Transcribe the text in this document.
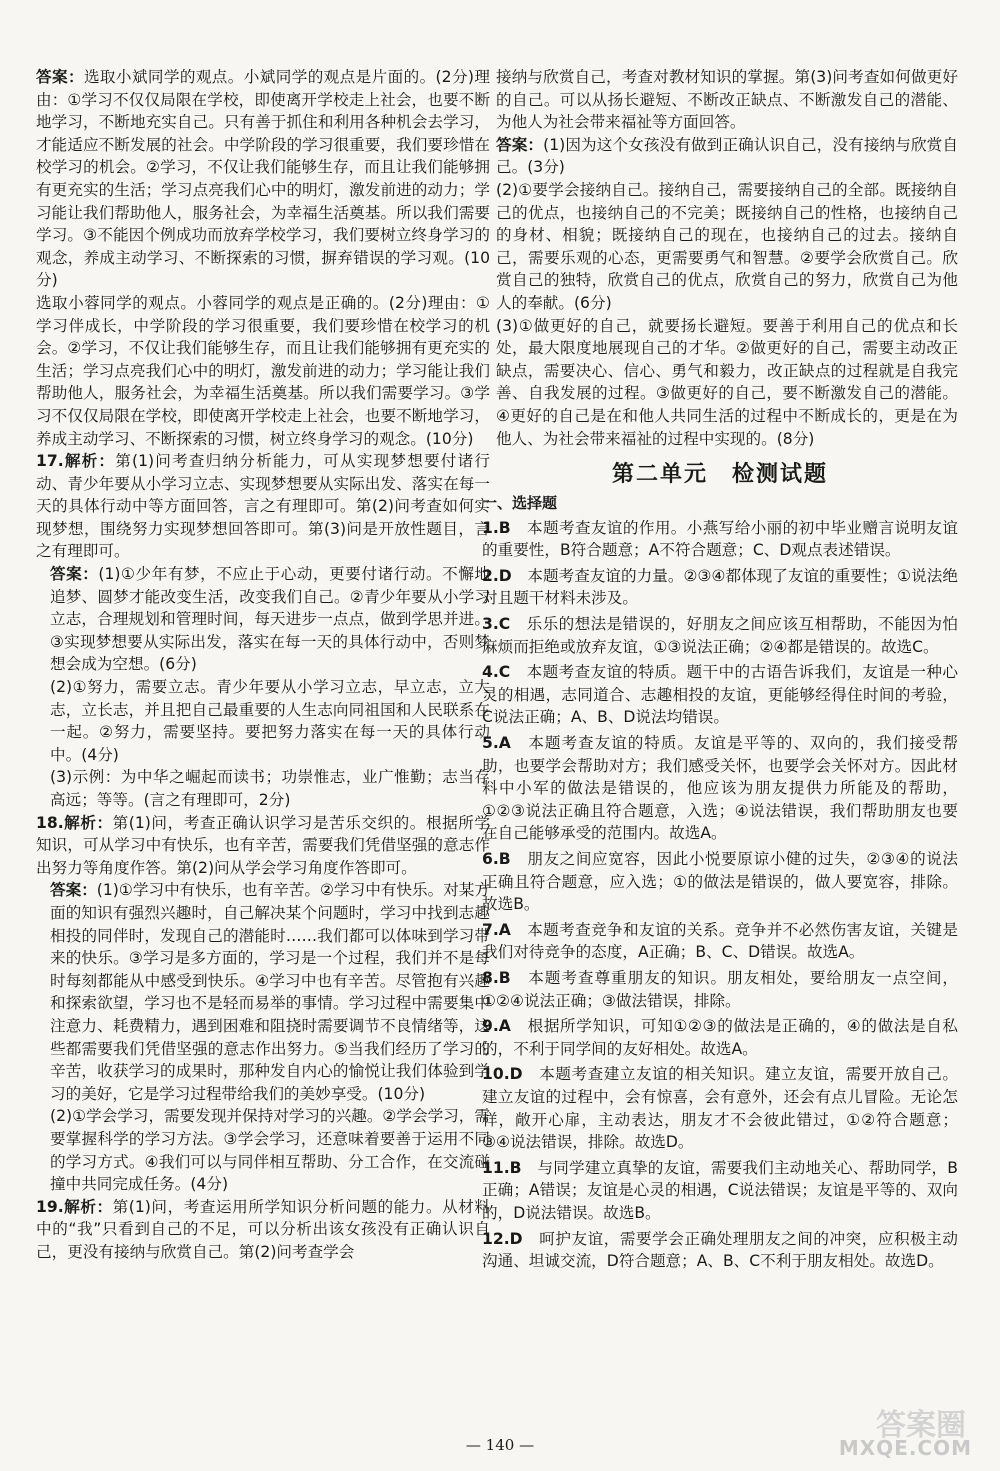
答案：选取小斌同学的观点。小斌同学的观点是片面的。(2分)理由：①学习不仅仅局限在学校，即使离开学校走上社会，也要不断地学习，不断地充实自己。只有善于抓住和利用各种机会去学习，才能适应不断发展的社会。中学阶段的学习很重要，我们要珍惜在校学习的机会。②学习，不仅让我们能够生存，而且让我们能够拥有更充实的生活；学习点亮我们心中的明灯，激发前进的动力；学习能让我们帮助他人，服务社会，为幸福生活奠基。所以我们需要学习。③不能因个例成功而放弃学校学习，我们要树立终身学习的观念，养成主动学习、不断探索的习惯，摒弃错误的学习观。(10分)

选取小蓉同学的观点。小蓉同学的观点是正确的。(2分)理由：①学习伴成长，中学阶段的学习很重要，我们要珍惜在校学习的机会。②学习，不仅让我们能够生存，而且让我们能够拥有更充实的生活；学习点亮我们心中的明灯，激发前进的动力；学习能让我们帮助他人，服务社会，为幸福生活奠基。所以我们需要学习。③学习不仅仅局限在学校，即使离开学校走上社会，也要不断地学习，养成主动学习、不断探索的习惯，树立终身学习的观念。(10分)

17.解析：第(1)问考查归纳分析能力，可从实现梦想要付诸行动、青少年要从小学习立志、实现梦想要从实际出发、落实在每一天的具体行动中等方面回答，言之有理即可。第(2)问考查如何实现梦想，围绕努力实现梦想回答即可。第(3)问是开放性题目，言之有理即可。

答案：(1)①少年有梦，不应止于心动，更要付诸行动。不懈地追梦、圆梦才能改变生活，改变我们自己。②青少年要从小学习立志，合理规划和管理时间，每天进步一点点，做到学思并进。③实现梦想要从实际出发，落实在每一天的具体行动中，否则梦想会成为空想。(6分)

(2)①努力，需要立志。青少年要从小学习立志，早立志，立大志，立长志，并且把自己最重要的人生志向同祖国和人民联系在一起。②努力，需要坚持。要把努力落实在每一天的具体行动中。(4分)

(3)示例：为中华之崛起而读书；功崇惟志，业广惟勤；志当存高远；等等。(言之有理即可，2分)

18.解析：第(1)问，考查正确认识学习是苦乐交织的。根据所学知识，可从学习中有快乐，也有辛苦，需要我们凭借坚强的意志作出努力等角度作答。第(2)问从学会学习角度作答即可。

答案：(1)①学习中有快乐，也有辛苦。②学习中有快乐。对某方面的知识有强烈兴趣时，自己解决某个问题时，学习中找到志趣相投的同伴时，发现自己的潜能时……我们都可以体味到学习带来的快乐。③学习是多方面的，学习是一个过程，我们并不是每时每刻都能从中感受到快乐。④学习中也有辛苦。尽管抱有兴趣和探索欲望，学习也不是轻而易举的事情。学习过程中需要集中注意力、耗费精力，遇到困难和阻挠时需要调节不良情绪等，这些都需要我们凭借坚强的意志作出努力。⑤当我们经历了学习的辛苦，收获学习的成果时，那种发自内心的愉悦让我们体验到学习的美好，它是学习过程带给我们的美妙享受。(10分)

(2)①学会学习，需要发现并保持对学习的兴趣。②学会学习，需要掌握科学的学习方法。③学会学习，还意味着要善于运用不同的学习方式。④我们可以与同伴相互帮助、分工合作，在交流碰撞中共同完成任务。(4分)

19.解析：第(1)问，考查运用所学知识分析问题的能力。从材料中的“我”只看到自己的不足，可以分析出该女孩没有正确认识自己，更没有接纳与欣赏自己。第(2)问考查学会

接纳与欣赏自己，考查对教材知识的掌握。第(3)问考查如何做更好的自己。可以从扬长避短、不断改正缺点、不断激发自己的潜能、为他人为社会带来福祉等方面回答。

答案：(1)因为这个女孩没有做到正确认识自己，没有接纳与欣赏自己。(3分)

(2)①要学会接纳自己。接纳自己，需要接纳自己的全部。既接纳自己的优点，也接纳自己的不完美；既接纳自己的性格，也接纳自己的身材、相貌；既接纳自己的现在，也接纳自己的过去。接纳自己，需要乐观的心态，更需要勇气和智慧。②要学会欣赏自己。欣赏自己的独特，欣赏自己的优点，欣赏自己的努力，欣赏自己为他人的奉献。(6分)

(3)①做更好的自己，就要扬长避短。要善于利用自己的优点和长处，最大限度地展现自己的才华。②做更好的自己，需要主动改正缺点，需要决心、信心、勇气和毅力，改正缺点的过程就是自我完善、自我发展的过程。③做更好的自己，要不断激发自己的潜能。④更好的自己是在和他人共同生活的过程中不断成长的，更是在为他人、为社会带来福祉的过程中实现的。(8分)

第二单元　检测试题
一、选择题

1.B　 本题考查友谊的作用。小燕写给小丽的初中毕业赠言说明友谊的重要性，B符合题意；A不符合题意；C、D观点表述错误。

2.D　 本题考查友谊的力量。②③④都体现了友谊的重要性；①说法绝对且题干材料未涉及。

3.C　 乐乐的想法是错误的，好朋友之间应该互相帮助，不能因为怕麻烦而拒绝或放弃友谊，①③说法正确；②④都是错误的。故选C。

4.C　 本题考查友谊的特质。题干中的古语告诉我们，友谊是一种心灵的相遇，志同道合、志趣相投的友谊，更能够经得住时间的考验，C说法正确；A、B、D说法均错误。

5.A　 本题考查友谊的特质。友谊是平等的、双向的，我们接受帮助，也要学会帮助对方；我们感受关怀，也要学会关怀对方。因此材料中小军的做法是错误的，他应该为朋友提供力所能及的帮助，①②③说法正确且符合题意，入选；④说法错误，我们帮助朋友也要在自己能够承受的范围内。故选A。

6.B　 朋友之间应宽容，因此小悦要原谅小健的过失，②③④的说法正确且符合题意，应入选；①的做法是错误的，做人要宽容，排除。故选B。

7.A　 本题考查竞争和友谊的关系。竞争并不必然伤害友谊，关键是我们对待竞争的态度，A正确；B、C、D错误。故选A。

8.B　 本题考查尊重朋友的知识。朋友相处，要给朋友一点空间，①②④说法正确；③做法错误，排除。

9.A　 根据所学知识，可知①②③的做法是正确的，④的做法是自私的，不利于同学间的友好相处。故选A。

10.D　 本题考查建立友谊的相关知识。建立友谊，需要开放自己。建立友谊的过程中，会有惊喜，会有意外，还会有点儿冒险。无论怎样，敞开心扉，主动表达，朋友才不会彼此错过，①②符合题意；③④说法错误，排除。故选D。

11.B　 与同学建立真挚的友谊，需要我们主动地关心、帮助同学，B正确；A错误；友谊是心灵的相遇，C说法错误；友谊是平等的、双向的，D说法错误。故选B。

12.D　 呵护友谊，需要学会正确处理朋友之间的冲突，应积极主动沟通、坦诚交流，D符合题意；A、B、C不利于朋友相处。故选D。

— 140 —
答案圈
MXQE.COM
